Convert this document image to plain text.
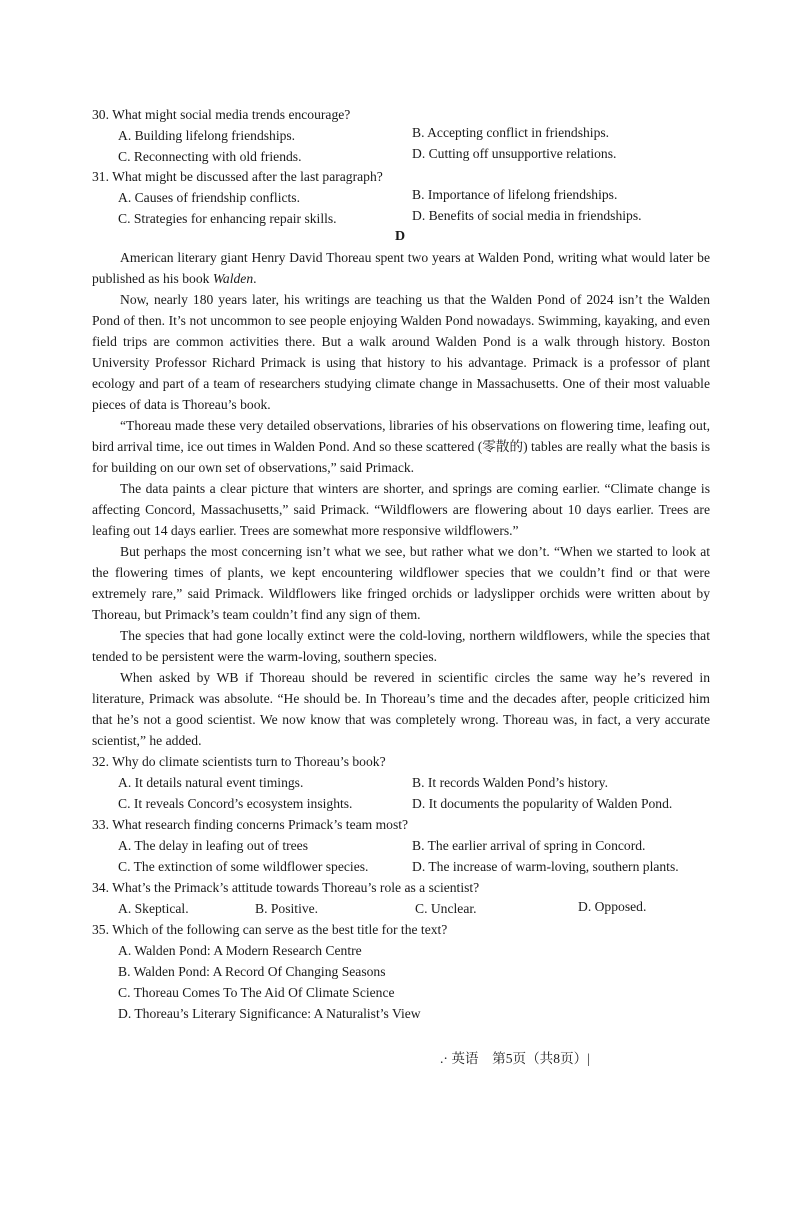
30. What might social media trends encourage?
A. Building lifelong friendships.	B. Accepting conflict in friendships.
C. Reconnecting with old friends.	D. Cutting off unsupportive relations.
31. What might be discussed after the last paragraph?
A. Causes of friendship conflicts.	B. Importance of lifelong friendships.
C. Strategies for enhancing repair skills.	D. Benefits of social media in friendships.
D

American literary giant Henry David Thoreau spent two years at Walden Pond, writing what would later be published as his book Walden.

Now, nearly 180 years later, his writings are teaching us that the Walden Pond of 2024 isn’t the Walden Pond of then. It’s not uncommon to see people enjoying Walden Pond nowadays. Swimming, kayaking, and even field trips are common activities there. But a walk around Walden Pond is a walk through history. Boston University Professor Richard Primack is using that history to his advantage. Primack is a professor of plant ecology and part of a team of researchers studying climate change in Massachusetts. One of their most valuable pieces of data is Thoreau’s book.

“Thoreau made these very detailed observations, libraries of his observations on flowering time, leafing out, bird arrival time, ice out times in Walden Pond. And so these scattered (零散的) tables are really what the basis is for building on our own set of observations,” said Primack.

The data paints a clear picture that winters are shorter, and springs are coming earlier. “Climate change is affecting Concord, Massachusetts,” said Primack. “Wildflowers are flowering about 10 days earlier. Trees are leafing out 14 days earlier. Trees are somewhat more responsive wildflowers.”

But perhaps the most concerning isn’t what we see, but rather what we don’t. “When we started to look at the flowering times of plants, we kept encountering wildflower species that we couldn’t find or that were extremely rare,” said Primack. Wildflowers like fringed orchids or ladyslipper orchids were written about by Thoreau, but Primack’s team couldn’t find any sign of them.

The species that had gone locally extinct were the cold-loving, northern wildflowers, while the species that tended to be persistent were the warm-loving, southern species.

When asked by WB if Thoreau should be revered in scientific circles the same way he’s revered in literature, Primack was absolute. “He should be. In Thoreau’s time and the decades after, people criticized him that he’s not a good scientist. We now know that was completely wrong. Thoreau was, in fact, a very accurate scientist,” he added.

32. Why do climate scientists turn to Thoreau’s book?
A. It details natural event timings.	B. It records Walden Pond’s history.
C. It reveals Concord’s ecosystem insights.	D. It documents the popularity of Walden Pond.
33. What research finding concerns Primack’s team most?
A. The delay in leafing out of trees	B. The earlier arrival of spring in Concord.
C. The extinction of some wildflower species.	D. The increase of warm-loving, southern plants.
34. What’s the Primack’s attitude towards Thoreau’s role as a scientist?
A. Skeptical.	B. Positive.	C. Unclear.	D. Opposed.
35. Which of the following can serve as the best title for the text?
A. Walden Pond: A Modern Research Centre
B. Walden Pond: A Record Of Changing Seasons
C. Thoreau Comes To The Aid Of Climate Science
D. Thoreau’s Literary Significance: A Naturalist’s View
.· 英语　第5页（共8页）|
